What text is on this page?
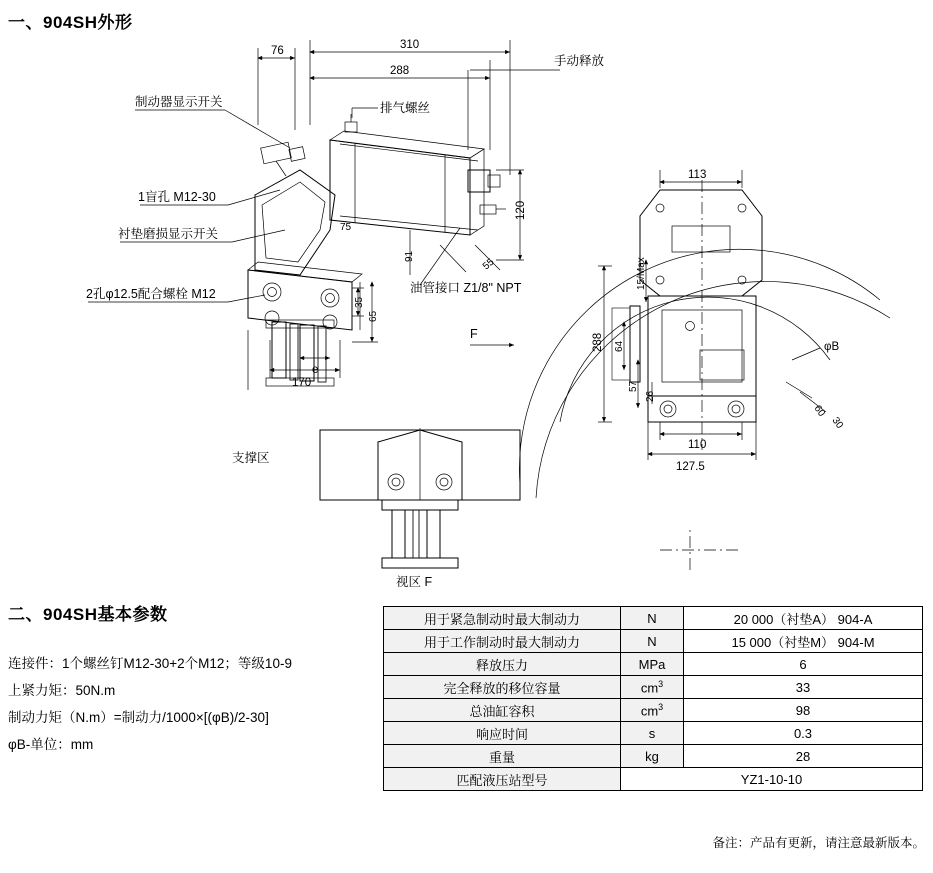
一、904SH外形
二、904SH基本参数
76	310
288
120
91
55
75
35
65
170
e
制动器显示开关
手动释放
排气螺丝
1盲孔 M12-30
衬垫磨损显示开关
2孔φ12.5配合螺栓 M12	油管接口 Z1/8" NPT
F
113
288
15/Max
64
57
26
110
127.5
φB
60
30
支撑区
视区 F
连接件：1个螺丝钉M12-30+2个M12；等级10-9
上紧力矩：50N.m
制动力矩（N.m）=制动力/1000×[(φB)/2-30]
φB-单位：mm
用于紧急制动时最大制动力	N	20 000（衬垫A） 904-A
用于工作制动时最大制动力	N	15 000（衬垫M） 904-M
释放压力	MPa	6
完全释放的移位容量	$cm^3$	33
总油缸容积	$cm^3$	98
响应时间	s	0.3
重量	kg	28
匹配液压站型号	YZ1-10-10	
备注：产品有更新，请注意最新版本。
